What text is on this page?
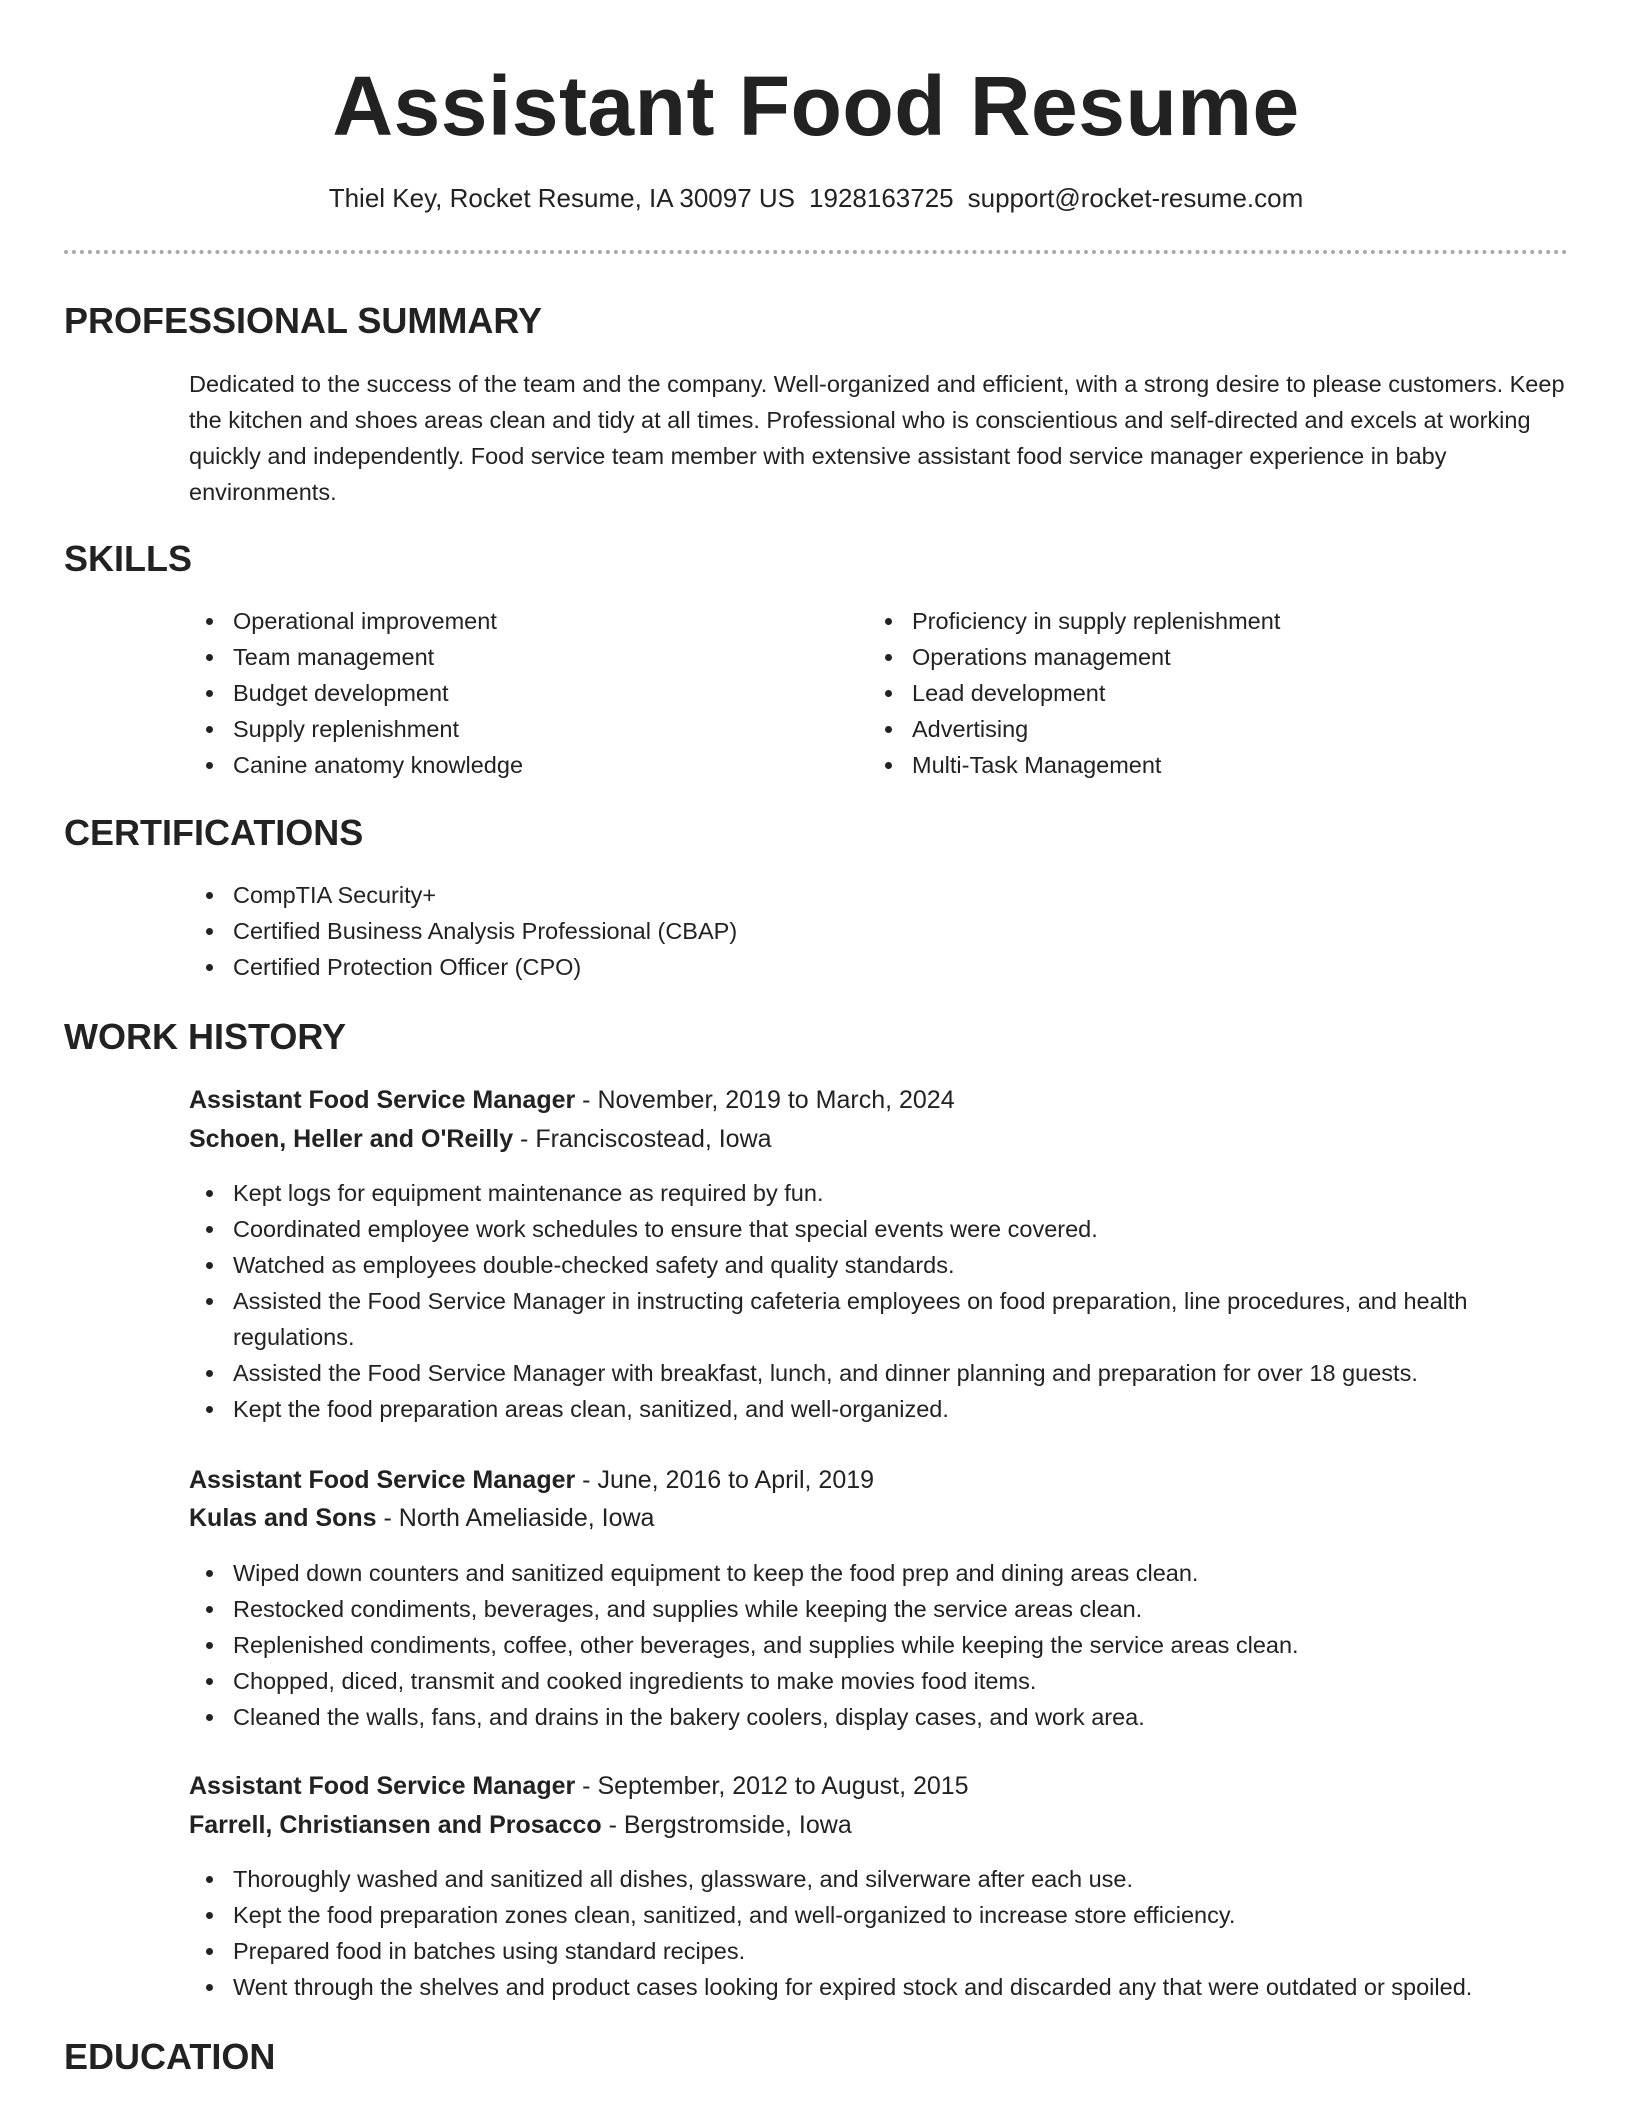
Assistant Food Resume
Thiel Key, Rocket Resume, IA 30097 US 1928163725 support@rocket-resume.com
PROFESSIONAL SUMMARY

Dedicated to the success of the team and the company. Well-organized and efficient, with a strong desire to please customers. Keep the kitchen and shoes areas clean and tidy at all times. Professional who is conscientious and self-directed and excels at working quickly and independently. Food service team member with extensive assistant food service manager experience in baby environments.

SKILLS
Operational improvement
Team management
Budget development
Supply replenishment
Canine anatomy knowledge
Proficiency in supply replenishment
Operations management
Lead development
Advertising
Multi-Task Management
CERTIFICATIONS
CompTIA Security+
Certified Business Analysis Professional (CBAP)
Certified Protection Officer (CPO)
WORK HISTORY
Assistant Food Service Manager - November, 2019 to March, 2024
Schoen, Heller and O'Reilly - Franciscostead, Iowa
Kept logs for equipment maintenance as required by fun.
Coordinated employee work schedules to ensure that special events were covered.
Watched as employees double-checked safety and quality standards.
Assisted the Food Service Manager in instructing cafeteria employees on food preparation, line procedures, and health regulations.
Assisted the Food Service Manager with breakfast, lunch, and dinner planning and preparation for over 18 guests.
Kept the food preparation areas clean, sanitized, and well-organized.
Assistant Food Service Manager - June, 2016 to April, 2019
Kulas and Sons - North Ameliaside, Iowa
Wiped down counters and sanitized equipment to keep the food prep and dining areas clean.
Restocked condiments, beverages, and supplies while keeping the service areas clean.
Replenished condiments, coffee, other beverages, and supplies while keeping the service areas clean.
Chopped, diced, transmit and cooked ingredients to make movies food items.
Cleaned the walls, fans, and drains in the bakery coolers, display cases, and work area.
Assistant Food Service Manager - September, 2012 to August, 2015
Farrell, Christiansen and Prosacco - Bergstromside, Iowa
Thoroughly washed and sanitized all dishes, glassware, and silverware after each use.
Kept the food preparation zones clean, sanitized, and well-organized to increase store efficiency.
Prepared food in batches using standard recipes.
Went through the shelves and product cases looking for expired stock and discarded any that were outdated or spoiled.
EDUCATION
